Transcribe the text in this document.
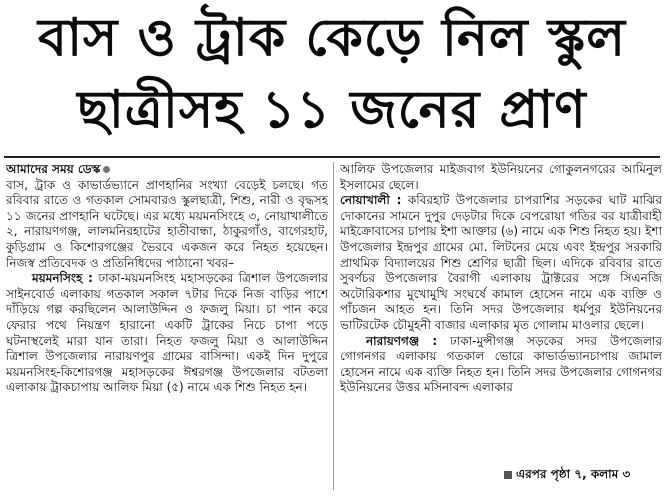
বাস ও ট্রাক কেড়ে নিল স্কুল
ছাত্রীসহ ১১ জনের প্রাণ

আমাদের সময় ডেস্ক

বাস, ট্রাক ও কাভার্ডভ্যানে প্রাণহানির সংখ্যা বেড়েই চলছে। গত রবিবার রাতে ও গতকাল সোমবারও স্কুলছাত্রী, শিশু, নারী ও বৃদ্ধসহ ১১ জনের প্রাণহানি ঘটেছে। এর মধ্যে ময়মনসিংহে ৩, নোয়াখালীতে ২, নারায়ণগঞ্জ, লালমনিরহাটের হাতীবান্ধা, ঠাকুরগাঁও, বাগেরহাট, কুড়িগ্রাম ও কিশোরগঞ্জের ভৈরবে একজন করে নিহত হয়েছেন। নিজস্ব প্রতিবেদক ও প্রতিনিধিদের পাঠানো খবর–

ময়মনসিংহ : ঢাকা-ময়মনসিংহ মহাসড়কের ত্রিশাল উপজেলার সাইনবোর্ড এলাকায় গতকাল সকাল ৭টার দিকে নিজ বাড়ির পাশে দাঁড়িয়ে গল্প করছিলেন আলাউদ্দিন ও ফজলু মিয়া। চা পান করে ফেরার পথে নিয়ন্ত্রণ হারানো একটি ট্রাকের নিচে চাপা পড়ে ঘটনাস্থলেই মারা যান তারা। নিহত ফজলু মিয়া ও আলাউদ্দিন ত্রিশাল উপজেলার নারায়ণপুর গ্রামের বাসিন্দা। একই দিন দুপুরে ময়মনসিংহ-কিশোরগঞ্জ মহাসড়কের ঈশ্বরগঞ্জ উপজেলার বটতলা এলাকায় ট্রাকচাপায় আলিফ মিয়া (৫) নামে এক শিশু নিহত হন।

আলিফ উপজেলার মাইজবাগ ইউনিয়নের গোকুলনগরের আমিনুল ইসলামের ছেলে।

নোয়াখালী : কবিরহাট উপজেলার চাপরাশির সড়কের ঘাট মাঝির দোকানের সামনে দুপুর দেড়টার দিকে বেপরোয়া গতির বর যাত্রীবাহী মাইক্রোবাসের চাপায় ইশা আক্তার (৬) নামে এক শিশু নিহত হয়। ইশা উপজেলার ইন্দ্রপুর গ্রামের মো. লিটনের মেয়ে এবং ইন্দ্রপুর সরকারি প্রাথমিক বিদ্যালয়ের শিশু শ্রেণির ছাত্রী ছিল। এদিকে রবিবার রাতে সুবর্ণচর উপজেলার বৈরাগী এলাকায় ট্রাক্টরের সঙ্গে সিএনজি অটোরিকশার মুখোমুখি সংঘর্ষে কামাল হোসেন নামে এক ব্যক্তি ও পাঁচজন আহত হন। তিনি সদর উপজেলার ধর্মপুর ইউনিয়নের ভাটিরটেক চৌমুহনী বাজার এলাকার মৃত গোলাম মাওলার ছেলে।

নারায়ণগঞ্জ : ঢাকা-মুন্সীগঞ্জ সড়কের সদর উপজেলার গোগনগর এলাকায় গতকাল ভোরে কাভার্ডভ্যানচাপায় জামাল হোসেন নামে এক ব্যক্তি নিহত হন। তিনি সদর উপজেলার গোগনগর ইউনিয়নের উত্তর মসিনাবন্দ এলাকার

এরপর পৃষ্ঠা ৭, কলাম ৩
